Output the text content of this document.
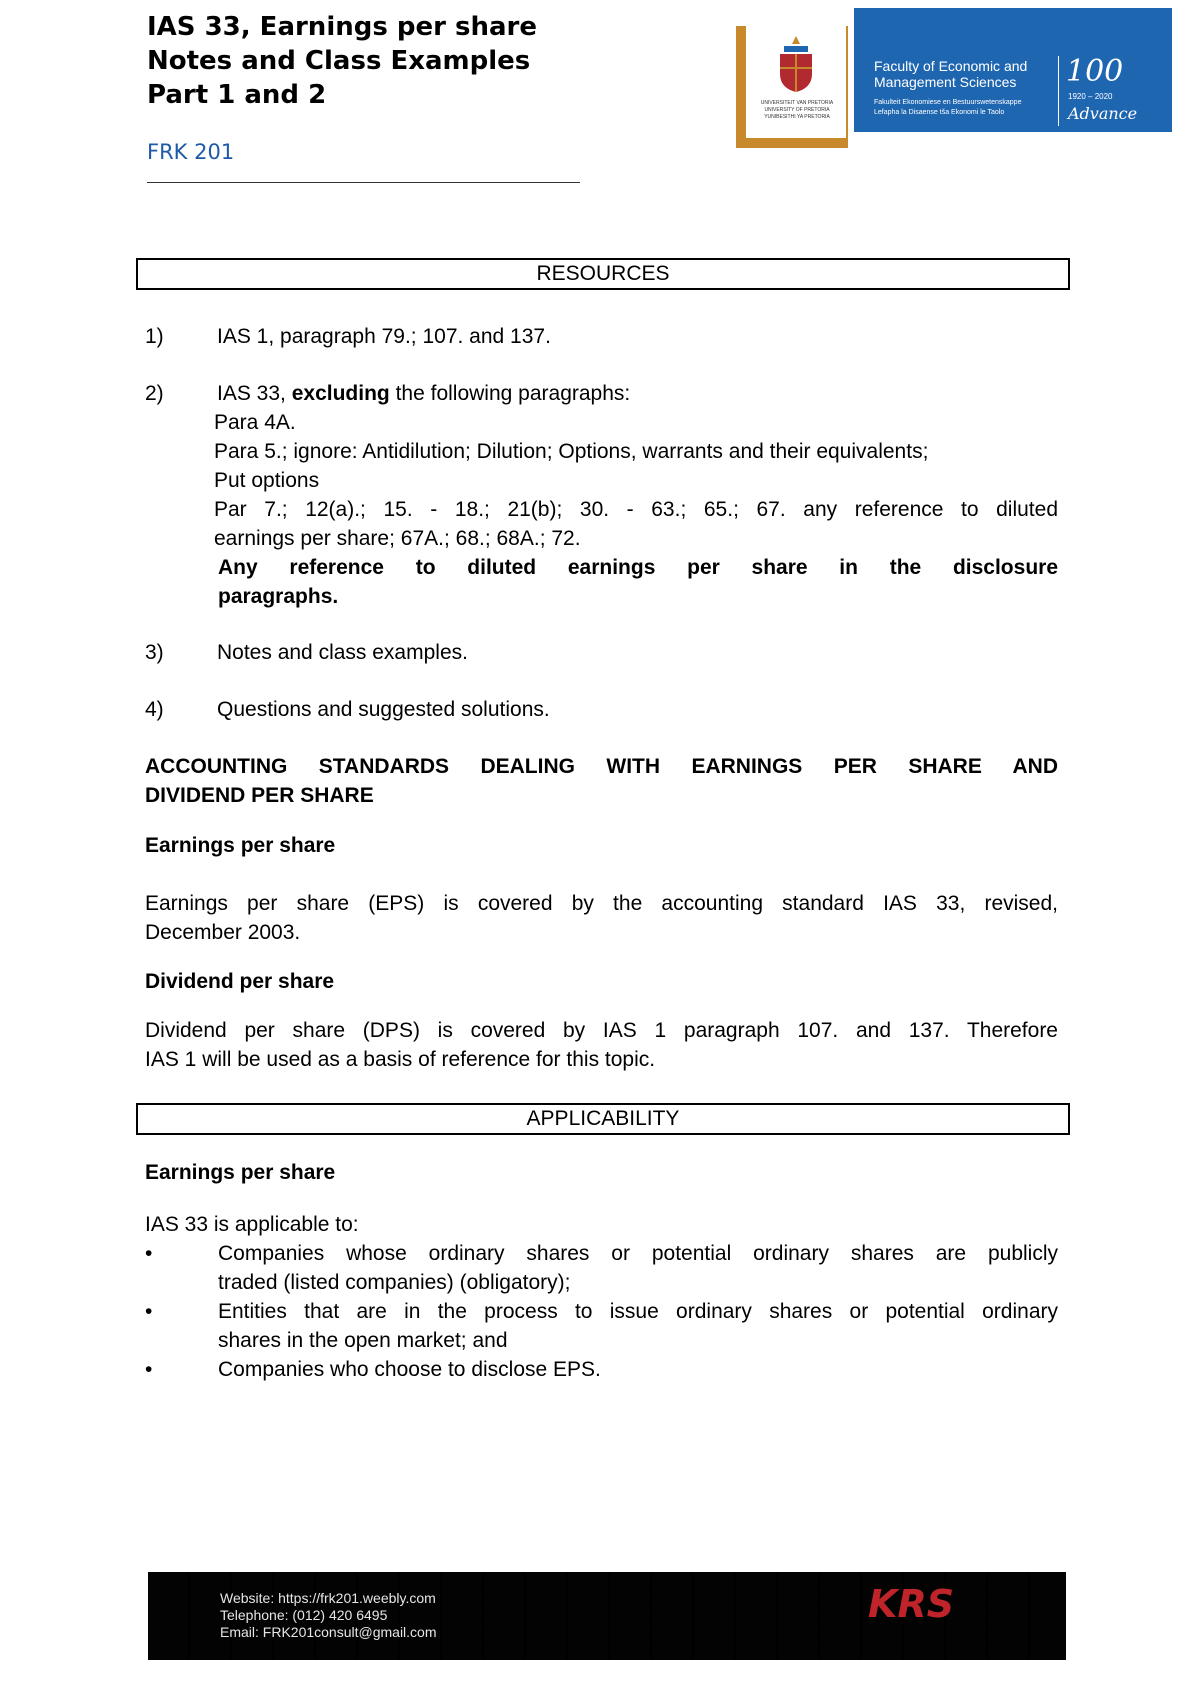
IAS 33, Earnings per share
Notes and Class Examples
Part 1 and 2
FRK 201
UNIVERSITEIT VAN PRETORIA
UNIVERSITY OF PRETORIA
YUNIBESITHI YA PRETORIA
Faculty of Economic and
Management Sciences
Fakulteit Ekonomiese en Bestuurswetenskappe
Lefapha la Disaense tša Ekonomi le Taolo
100
1920 – 2020
Advance
RESOURCES
1)	IAS 1, paragraph 79.; 107. and 137.
2)	IAS 33, excluding the following paragraphs:
Para 4A.
Para 5.; ignore: Antidilution; Dilution; Options, warrants and their equivalents;
Put options
Par 7.; 12(a).; 15. - 18.; 21(b); 30. - 63.; 65.; 67. any reference to diluted
earnings per share; 67A.; 68.; 68A.; 72.
Any reference to diluted earnings per share in the disclosure
paragraphs.
3)	Notes and class examples.
4)	Questions and suggested solutions.
ACCOUNTING STANDARDS DEALING WITH EARNINGS PER SHARE AND
DIVIDEND PER SHARE
Earnings per share
Earnings per share (EPS) is covered by the accounting standard IAS 33, revised,
December 2003.
Dividend per share
Dividend per share (DPS) is covered by IAS 1 paragraph 107. and 137. Therefore
IAS 1 will be used as a basis of reference for this topic.
APPLICABILITY
Earnings per share
IAS 33 is applicable to:
•	Companies whose ordinary shares or potential ordinary shares are publicly
traded (listed companies) (obligatory);
•	Entities that are in the process to issue ordinary shares or potential ordinary
shares in the open market; and
•	Companies who choose to disclose EPS.
Website: https://frk201.weebly.com
Telephone: (012) 420 6495
Email: FRK201consult@gmail.com
KRS
